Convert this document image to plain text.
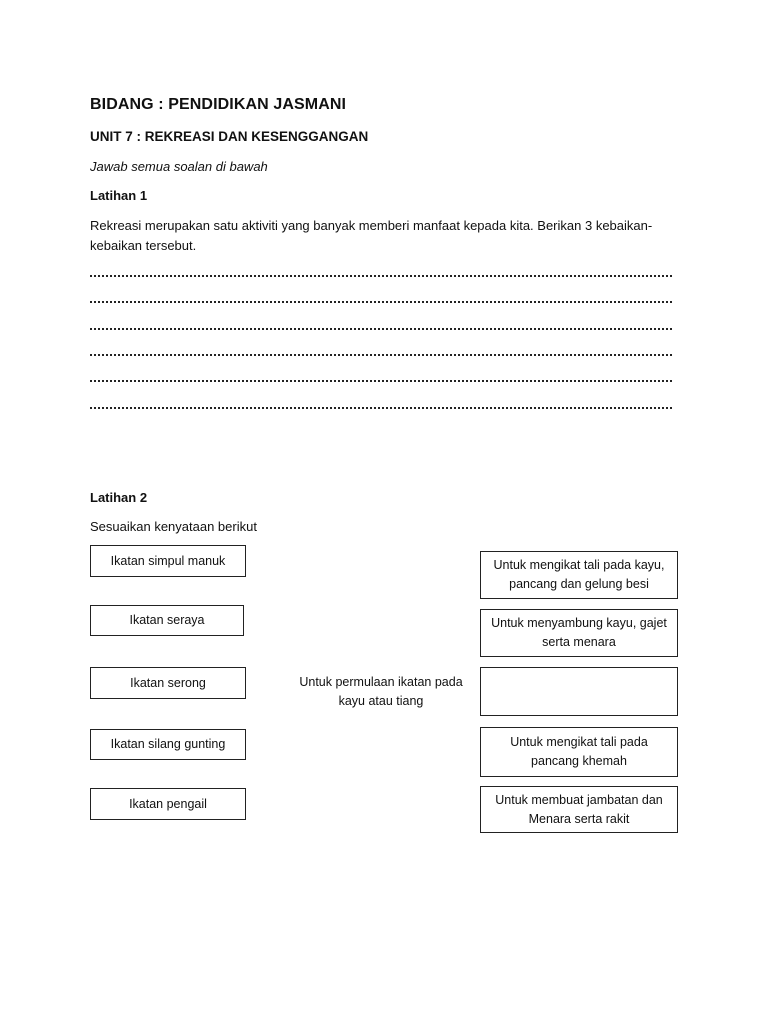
BIDANG : PENDIDIKAN JASMANI
UNIT 7 : REKREASI DAN KESENGGANGAN
Jawab semua soalan di bawah
Latihan 1
Rekreasi merupakan satu aktiviti yang banyak memberi manfaat kepada kita. Berikan 3 kebaikan-
kebaikan tersebut.
Latihan 2
Sesuaikan kenyataan berikut
Ikatan simpul manuk
Ikatan seraya
Ikatan serong
Ikatan silang gunting
Ikatan pengail
Untuk permulaan ikatan pada
kayu atau tiang
Untuk mengikat tali pada kayu,
pancang dan gelung besi
Untuk menyambung kayu, gajet
serta menara
Untuk mengikat tali pada
pancang khemah
Untuk membuat jambatan dan
Menara serta rakit
